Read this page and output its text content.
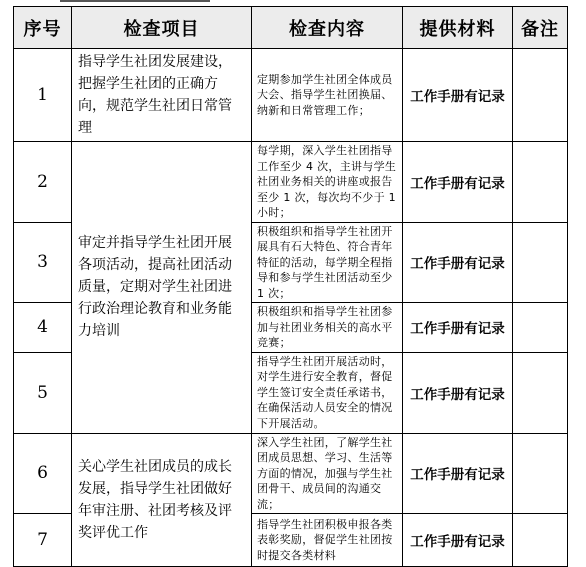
序号	检查项目	检查内容	提供材料	备注
1	指导学生社团发展建设，把握学生社团的正确方向，规范学生社团日常管理	定期参加学生社团全体成员大会、指导学生社团换届、纳新和日常管理工作；	工作手册有记录	
2	审定并指导学生社团开展各项活动，提高社团活动质量，定期对学生社团进行政治理论教育和业务能力培训	每学期，深入学生社团指导工作至少 4 次，主讲与学生社团业务相关的讲座或报告至少 1 次，每次均不少于 1 小时；	工作手册有记录	
3		积极组织和指导学生社团开展具有石大特色、符合青年特征的活动，每学期全程指导和参与学生社团活动至少 1 次；	工作手册有记录	
4		积极组织和指导学生社团参加与社团业务相关的高水平竞赛；	工作手册有记录	
5		指导学生社团开展活动时，对学生进行安全教育，督促学生签订安全责任承诺书，在确保活动人员安全的情况下开展活动。	工作手册有记录	
6	关心学生社团成员的成长发展，指导学生社团做好年审注册、社团考核及评奖评优工作	深入学生社团，了解学生社团成员思想、学习、生活等方面的情况，加强与学生社团骨干、成员间的沟通交流；	工作手册有记录	
7		指导学生社团积极申报各类表彰奖励，督促学生社团按时提交各类材料	工作手册有记录	
